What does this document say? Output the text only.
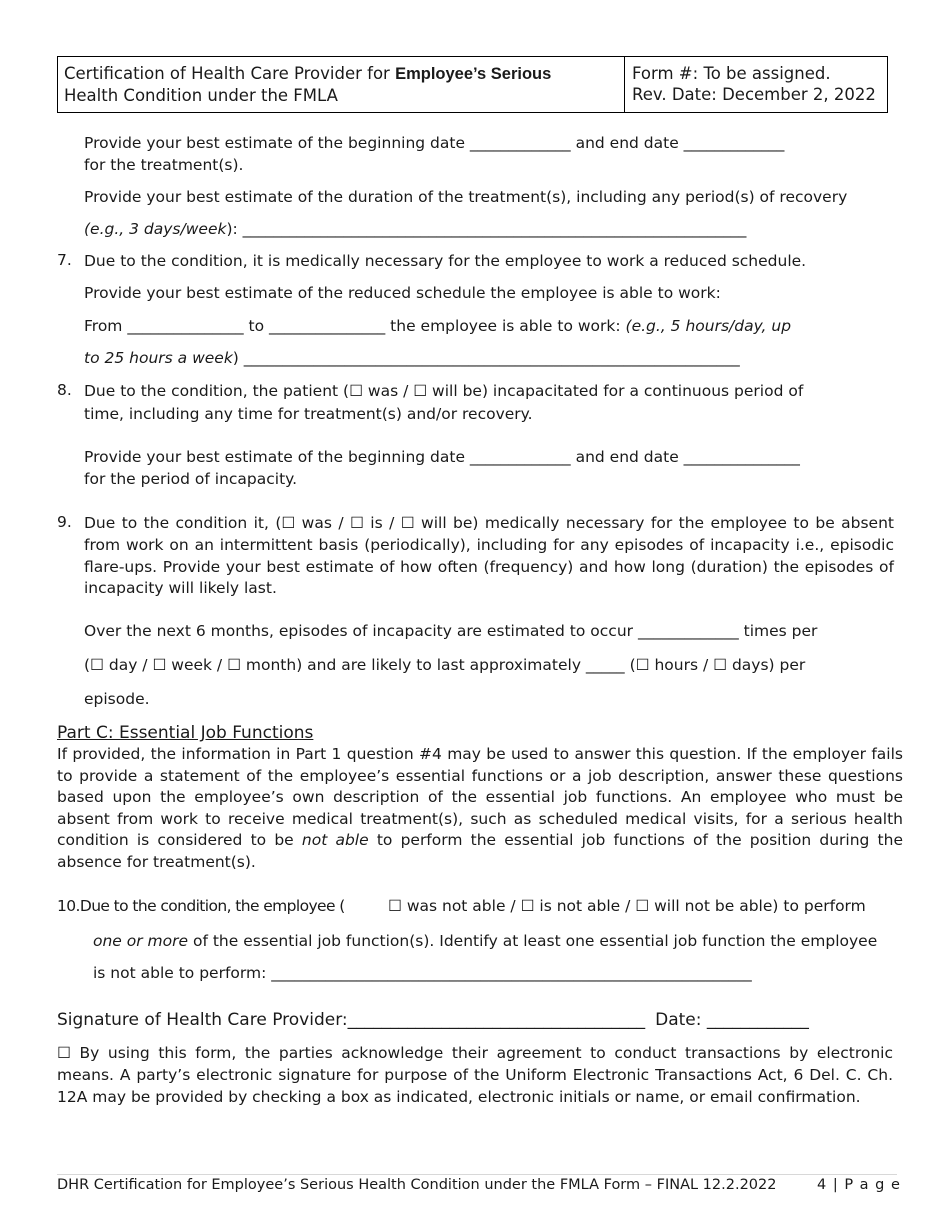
Certification of Health Care Provider for Employee’s Serious
Health Condition under the FMLA
Form #: To be assigned.
Rev. Date: December 2, 2022
Provide your best estimate of the beginning date _____________ and end date _____________
for the treatment(s).
Provide your best estimate of the duration of the treatment(s), including any period(s) of recovery
(e.g., 3 days/week): _________________________________________________________________
7. Due to the condition, it is medically necessary for the employee to work a reduced schedule.
Provide your best estimate of the reduced schedule the employee is able to work:
From _______________ to _______________ the employee is able to work: (e.g., 5 hours/day, up
to 25 hours a week) ________________________________________________________________
8. Due to the condition, the patient (☐ was / ☐ will be) incapacitated for a continuous period of
time, including any time for treatment(s) and/or recovery.
Provide your best estimate of the beginning date _____________ and end date _______________
for the period of incapacity.
9. Due to the condition it, (☐ was / ☐ is / ☐ will be) medically necessary for the employee to be absent from work on an intermittent basis (periodically), including for any episodes of incapacity i.e., episodic flare-ups. Provide your best estimate of how often (frequency) and how long (duration) the episodes of incapacity will likely last.
Over the next 6 months, episodes of incapacity are estimated to occur _____________ times per
(☐ day / ☐ week / ☐ month) and are likely to last approximately _____ (☐ hours / ☐ days) per
episode.
Part C: Essential Job Functions
If provided, the information in Part 1 question #4 may be used to answer this question. If the employer fails to provide a statement of the employee’s essential functions or a job description, answer these questions based upon the employee’s own description of the essential job functions. An employee who must be absent from work to receive medical treatment(s), such as scheduled medical visits, for a serious health condition is considered to be not able to perform the essential job functions of the position during the absence for treatment(s).
10.Due to the condition, the employee (	☐ was not able / ☐ is not able / ☐ will not be able) to perform
one or more of the essential job function(s). Identify at least one essential job function the employee
is not able to perform: ______________________________________________________________
Signature of Health Care Provider:___________________________________ Date: ____________
☐ By using this form, the parties acknowledge their agreement to conduct transactions by electronic means. A party’s electronic signature for purpose of the Uniform Electronic Transactions Act, 6 Del. C. Ch. 12A may be provided by checking a box as indicated, electronic initials or name, or email confirmation.
DHR Certification for Employee’s Serious Health Condition under the FMLA Form – FINAL 12.2.2022	4 | P a g e
